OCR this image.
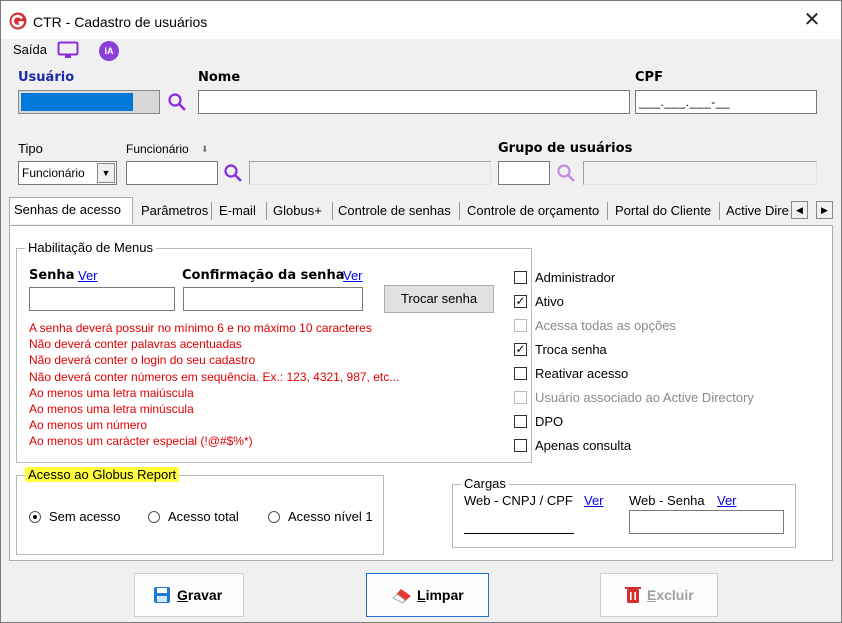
CTR - Cadastro de usuários	✕
Saída	IA
Usuário	Nome	CPF
___.___.___-__
Tipo	Funcionário ⬇	Grupo de usuários
Funcionário	▼
Senhas de acesso	Parâmetros E-mail	Globus+	Controle de senhas	Controle de orçamento	Portal do Cliente	Active Dire ◀	▶
Habilitação de Menus
Senha Ver	Confirmação da senha
Ver
Trocar senha
A senha deverá possuir no mínimo 6 e no máximo 10 caracteres
Não deverá conter palavras acentuadas
Não deverá conter o login do seu cadastro
Não deverá conter números em sequência. Ex.: 123, 4321, 987, etc...
Ao menos uma letra maiúscula
Ao menos uma letra minúscula
Ao menos um número
Ao menos um carácter especial (!@#$%*)
Administrador
✓ Ativo
Acessa todas as opções
✓ Troca senha
Reativar acesso
Usuário associado ao Active Directory
DPO
Apenas consulta
Acesso ao Globus Report
Sem acesso	Acesso total	Acesso nível 1
Cargas
Web - CNPJ / CPF Ver Web - Senha Ver
Gravar	Limpar	Excluir
